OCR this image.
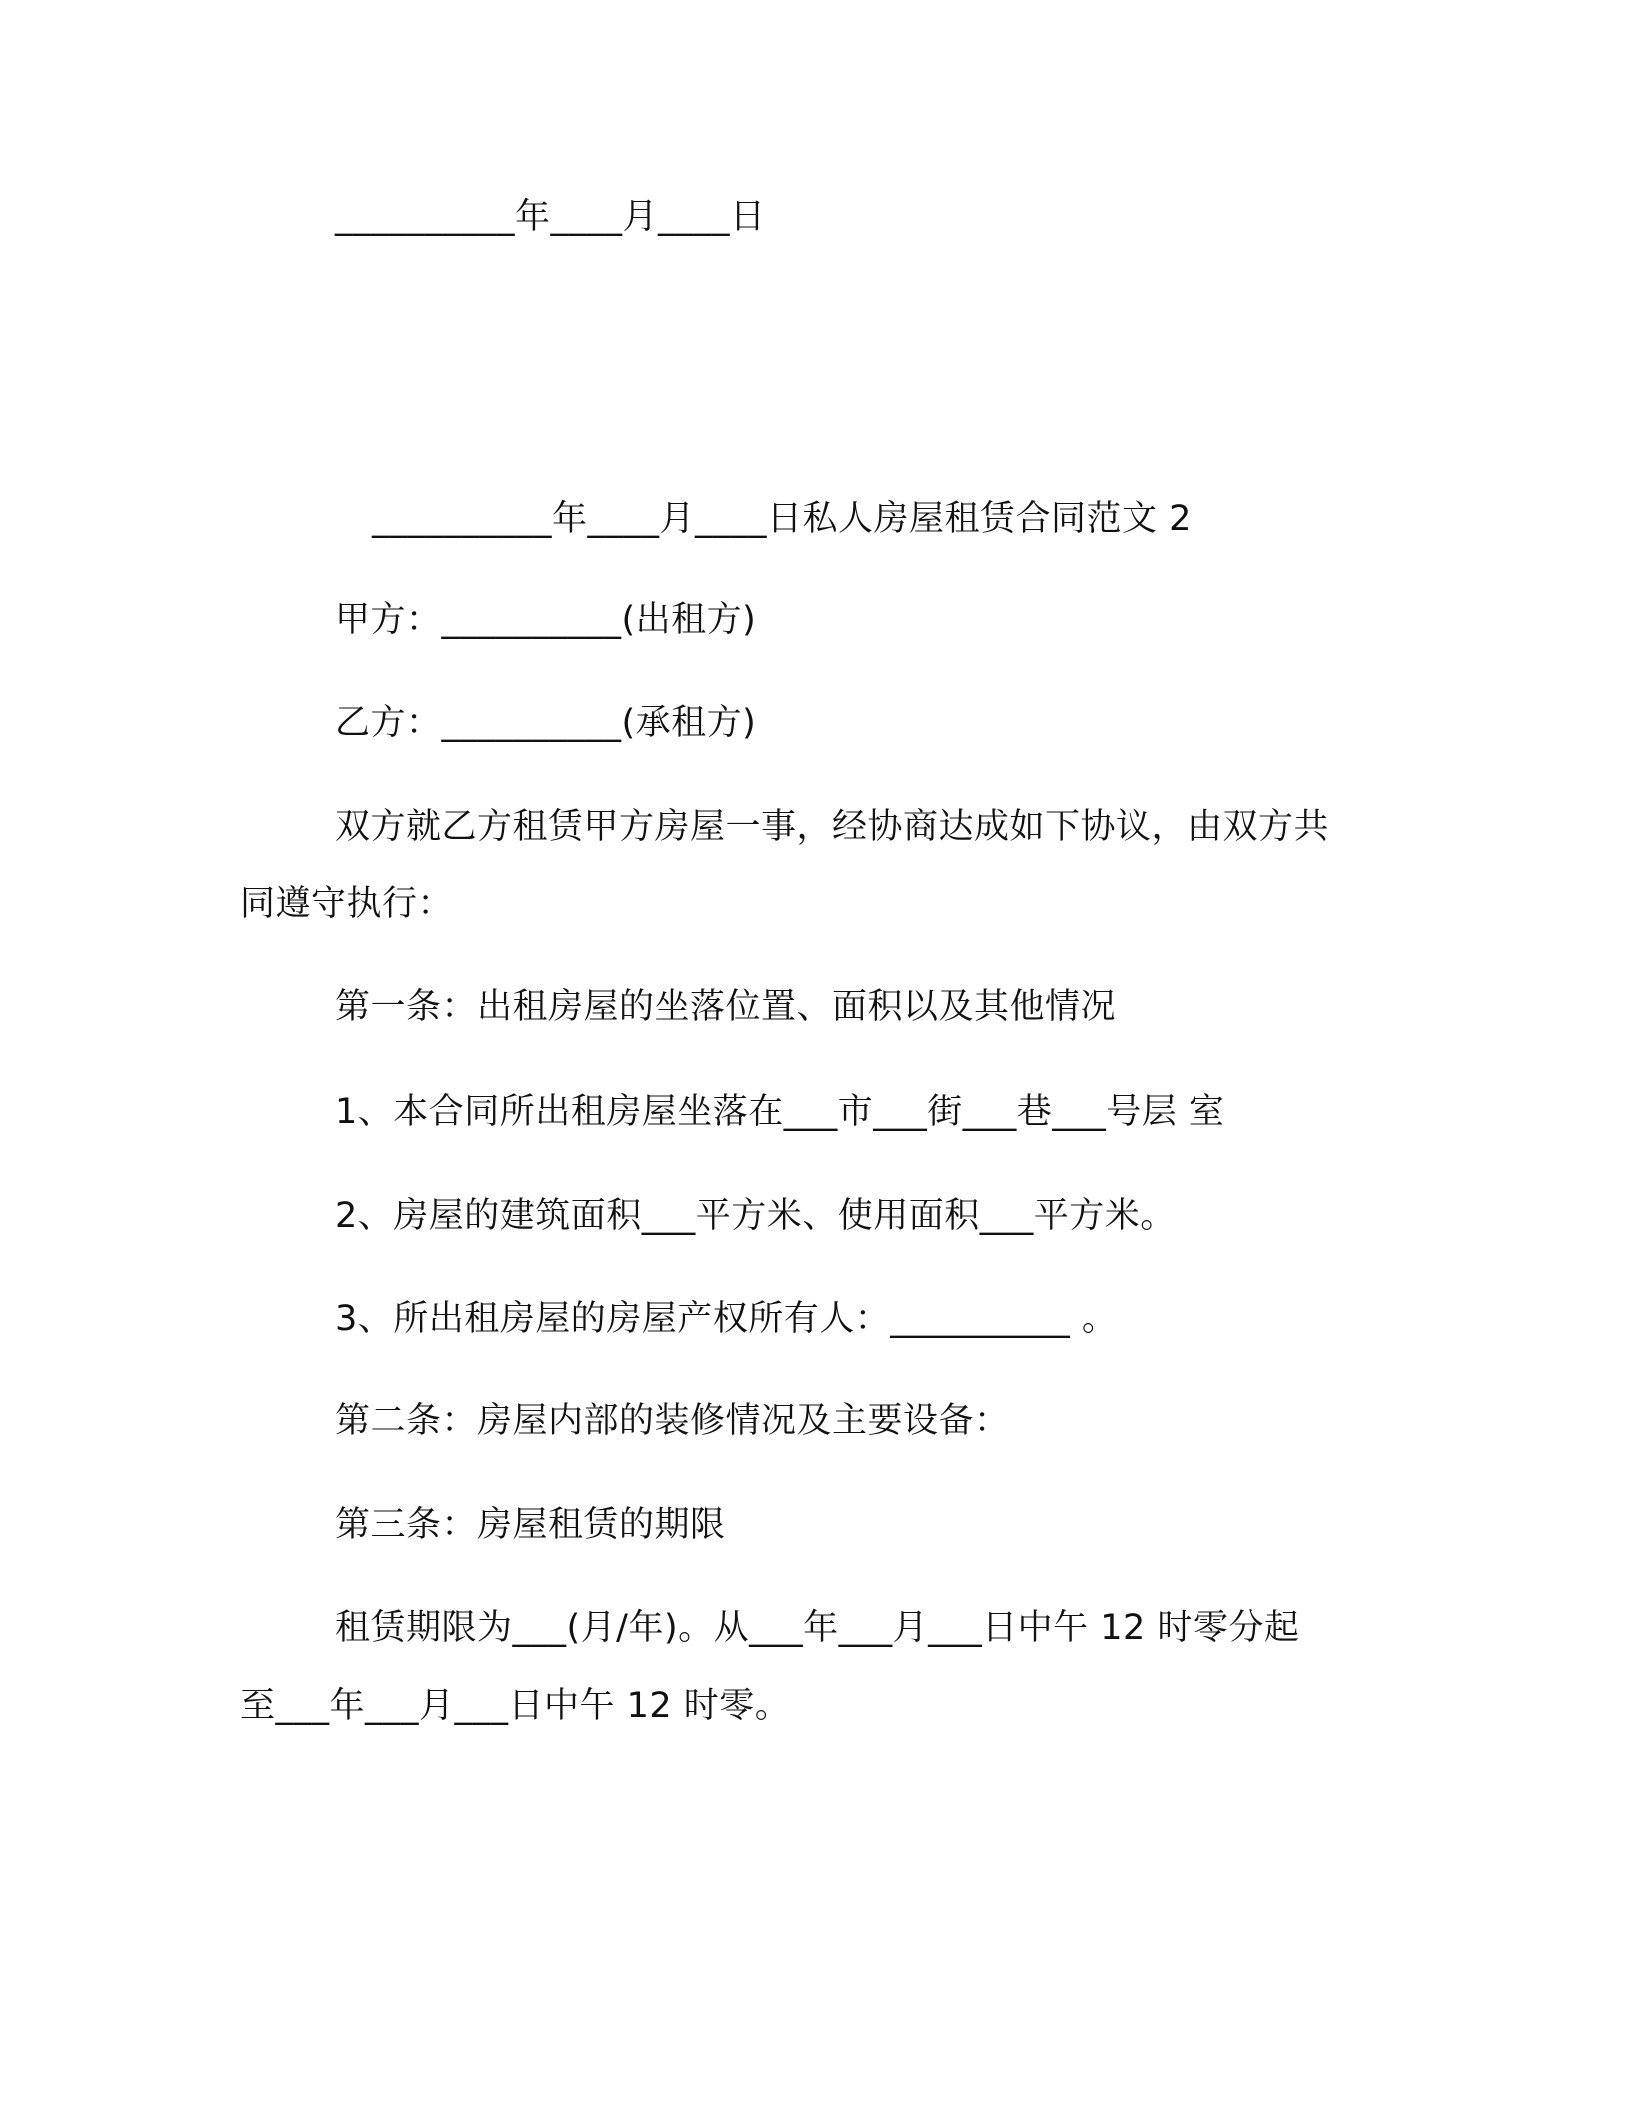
__________年____月____日

__________年____月____日私人房屋租赁合同范文 2

甲方：__________(出租方)

乙方：__________(承租方)

双方就乙方租赁甲方房屋一事，经协商达成如下协议，由双方共

同遵守执行：

第一条：出租房屋的坐落位置、面积以及其他情况

1、本合同所出租房屋坐落在___市___街___巷___号层 室

2、房屋的建筑面积___平方米、使用面积___平方米。

3、所出租房屋的房屋产权所有人：__________ 。

第二条：房屋内部的装修情况及主要设备：

第三条：房屋租赁的期限

租赁期限为___(月/年)。从___年___月___日中午 12 时零分起

至___年___月___日中午 12 时零。
